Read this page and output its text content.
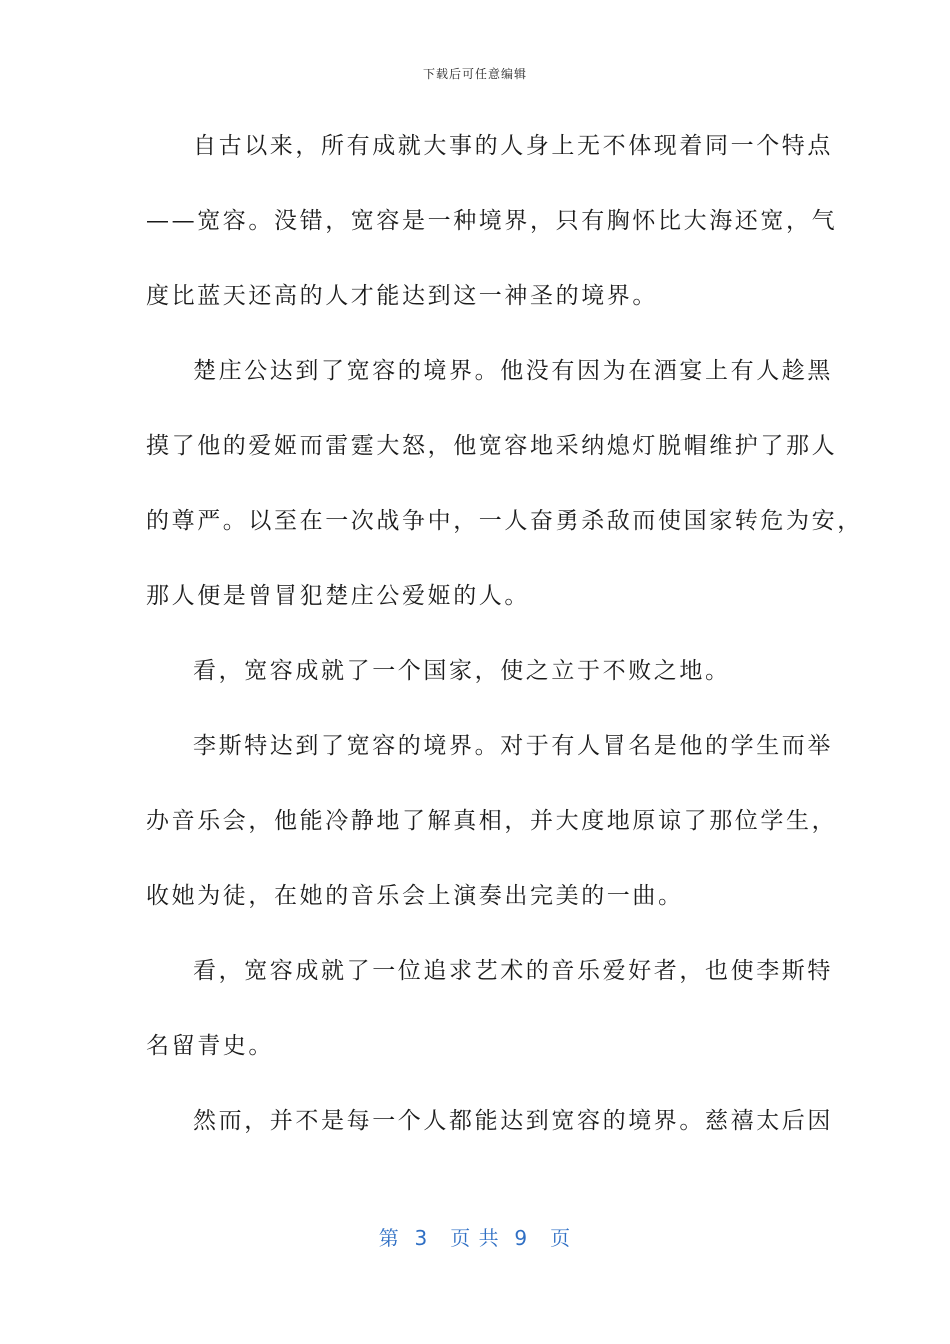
下载后可任意编辑
自古以来，所有成就大事的人身上无不体现着同一个特点
——宽容。没错，宽容是一种境界，只有胸怀比大海还宽，气
度比蓝天还高的人才能达到这一神圣的境界。
楚庄公达到了宽容的境界。他没有因为在酒宴上有人趁黑
摸了他的爱姬而雷霆大怒，他宽容地采纳熄灯脱帽维护了那人
的尊严。以至在一次战争中，一人奋勇杀敌而使国家转危为安，
那人便是曾冒犯楚庄公爱姬的人。
看，宽容成就了一个国家，使之立于不败之地。
李斯特达到了宽容的境界。对于有人冒名是他的学生而举
办音乐会，他能冷静地了解真相，并大度地原谅了那位学生，
收她为徒，在她的音乐会上演奏出完美的一曲。
看，宽容成就了一位追求艺术的音乐爱好者，也使李斯特
名留青史。
然而，并不是每一个人都能达到宽容的境界。慈禧太后因
第  3   页 共  9   页
